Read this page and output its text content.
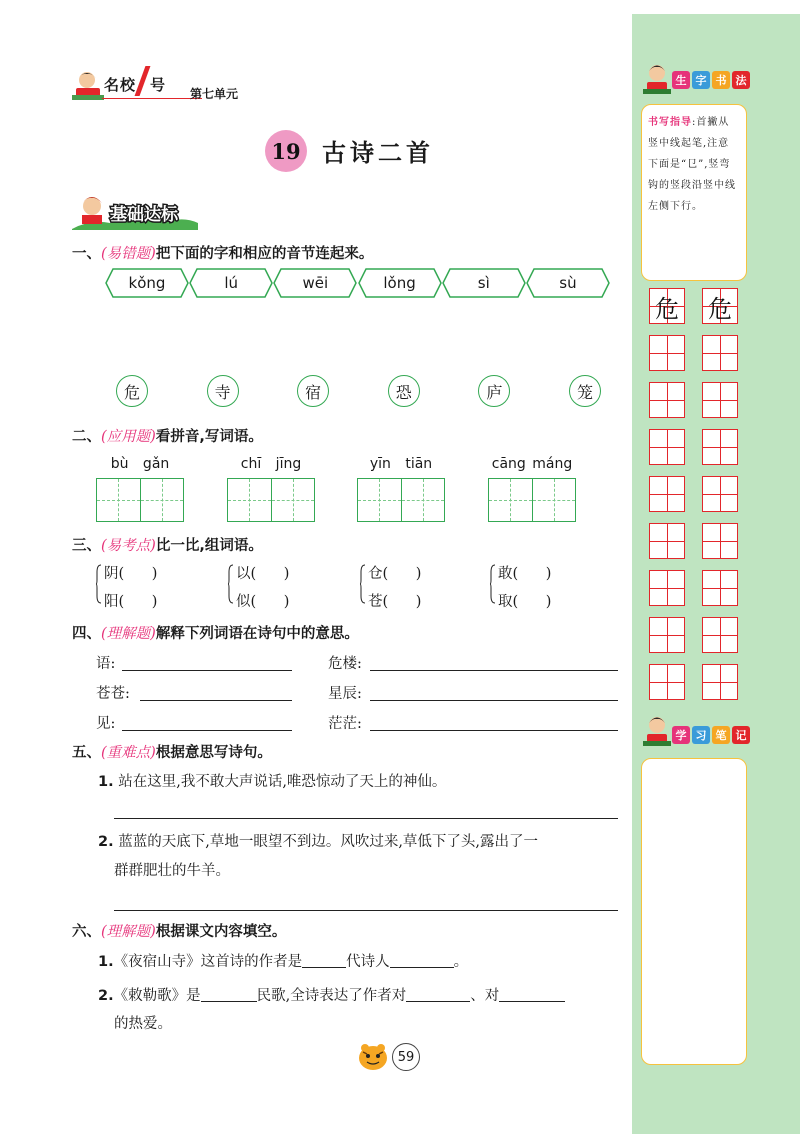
名校 号 第七单元
19 古诗二首
基础达标
一、(易错题)把下面的字和相应的音节连起来。
kǒng	lú	wēi	lǒng	sì	sù
危	寺	宿	恐	庐	笼
二、(应用题)看拼音,写词语。
bù gǎn	chī jīng	yīn tiān	cāng máng
三、(易考点)比一比,组词语。
阴(      )
阳(      )
以(      )
似(      )
仓(      )
苍(      )
敢(      )
取(      )
四、(理解题)解释下列词语在诗句中的意思。
语:	危楼:
苍苍:	星辰:
见:	茫茫:
五、(重难点)根据意思写诗句。
1. 站在这里,我不敢大声说话,唯恐惊动了天上的神仙。
2. 蓝蓝的天底下,草地一眼望不到边。风吹过来,草低下了头,露出了一
群群肥壮的牛羊。
六、(理解题)根据课文内容填空。
1.《夜宿山寺》这首诗的作者是	代诗人	。
2.《敕勒歌》是	民歌,全诗表达了作者对	、对
的热爱。
59
生 字 书 法
书写指导:首撇从竖中线起笔,注意下面是“㔾”,竖弯钩的竖段沿竖中线左侧下行。
危 危
学 习 笔 记
